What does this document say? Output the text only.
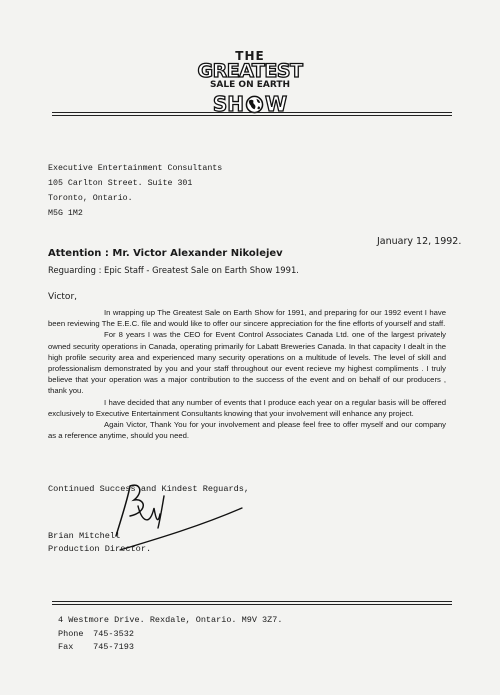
THE
GREATEST
SALE ON EARTH
SH W
Executive Entertainment Consultants
105 Carlton Street. Suite 301
Toronto, Ontario.
M5G 1M2
January 12, 1992.
Attention : Mr. Victor Alexander Nikolejev
Reguarding : Epic Staff - Greatest Sale on Earth Show 1991.
Victor,

In wrapping up The Greatest Sale on Earth Show for 1991, and preparing for our 1992 event I have been reviewing The E.E.C. file and would like to offer our sincere appreciation for the fine efforts of yourself and staff.

For 8 years I was the CEO for Event Control Associates Canada Ltd. one of the largest privately owned security operations in Canada, operating primarily for Labatt Breweries Canada. In that capacity I dealt in the high profile security area and experienced many security operations on a multitude of levels. The level of skill and professionalism demonstrated by you and your staff throughout our event recieve my highest compliments . I truly believe that your operation was a major contribution to the success of the event and on behalf of our producers , thank you.

I have decided that any number of events that I produce each year on a regular basis will be offered exclusively to Executive Entertainment Consultants knowing that your involvement will enhance any project.

Again Victor, Thank You for your involvement and please feel free to offer myself and our company as a reference anytime, should you need.

Continued Success and Kindest Reguards,
Brian Mitchell
Production Director.
4 Westmore Drive. Rexdale, Ontario. M9V 3Z7.
Phone 745-3532
Fax 745-7193
